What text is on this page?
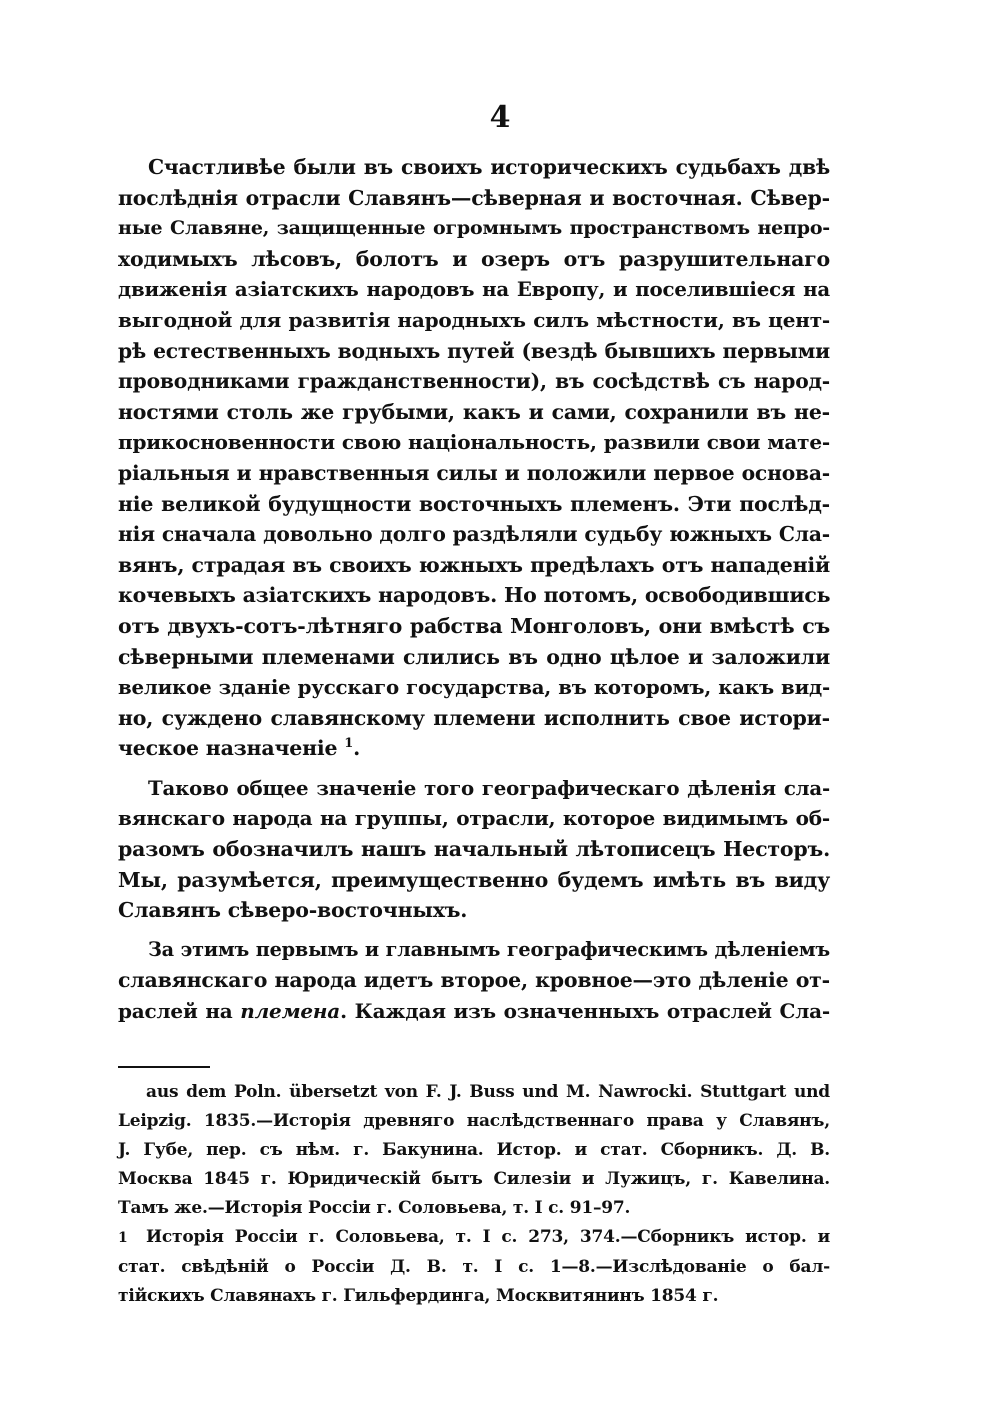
4
Счастливѣе были въ своихъ историческихъ судьбахъ двѣ
послѣднія отрасли Славянъ—сѣверная и восточная. Сѣвер-
ные Славяне, защищенные огромнымъ пространствомъ непро-
ходимыхъ лѣсовъ, болотъ и озеръ отъ разрушительнаго
движенія азіатскихъ народовъ на Европу, и поселившіеся на
выгодной для развитія народныхъ силъ мѣстности, въ цент-
рѣ естественныхъ водныхъ путей (вездѣ бывшихъ первыми
проводниками гражданственности), въ сосѣдствѣ съ народ-
ностями столь же грубыми, какъ и сами, сохранили въ не-
прикосновенности свою національность, развили свои мате-
ріальныя и нравственныя силы и положили первое основа-
ніе великой будущности восточныхъ племенъ. Эти послѣд-
нія сначала довольно долго раздѣляли судьбу южныхъ Сла-
вянъ, страдая въ своихъ южныхъ предѣлахъ отъ нападеній
кочевыхъ азіатскихъ народовъ. Но потомъ, освободившись
отъ двухъ-сотъ-лѣтняго рабства Монголовъ, они вмѣстѣ съ
сѣверными племенами слились въ одно цѣлое и заложили
великое зданіе русскаго государства, въ которомъ, какъ вид-
но, суждено славянскому племени исполнить свое истори-
ческое назначеніе $^1$.
Таково общее значеніе того географическаго дѣленія сла-
вянскаго народа на группы, отрасли, которое видимымъ об-
разомъ обозначилъ нашъ начальный лѣтописецъ Несторъ.
Мы, разумѣется, преимущественно будемъ имѣть въ виду
Славянъ сѣверо-восточныхъ.
За этимъ первымъ и главнымъ географическимъ дѣленіемъ
славянскаго народа идетъ второе, кровное—это дѣленіе от-
раслей на племена. Каждая изъ означенныхъ отраслей Сла-
aus dem Poln. übersetzt von F. J. Buss und M. Nawrocki. Stuttgart und
Leipzig. 1835.—Исторія древняго наслѣдственнаго права у Славянъ,
J. Губе, пер. съ нѣм. г. Бакунина. Истор. и стат. Сборникъ. Д. В.
Москва 1845 г. Юридическій бытъ Силезіи и Лужицъ, г. Кавелина.
Тамъ же.—Исторія Россіи г. Соловьева, т. I с. 91–97.
1 Исторія Россіи г. Соловьева, т. I с. 273, 374.—Сборникъ истор. и
стат. свѣдѣній о Россіи Д. В. т. I с. 1—8.—Изслѣдованіе о бал-
тійскихъ Славянахъ г. Гильфердинга, Москвитянинъ 1854 г.
